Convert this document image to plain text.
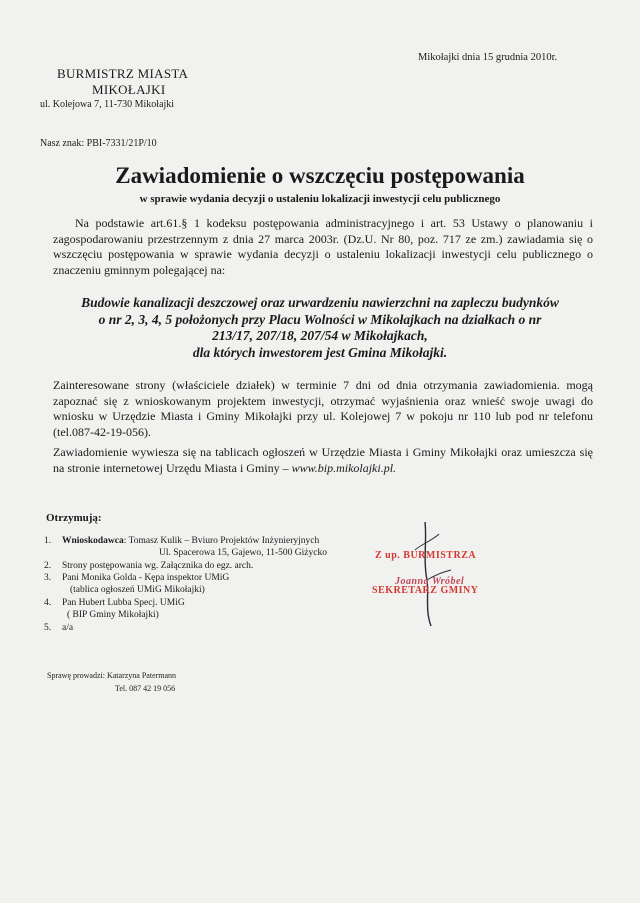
Mikołajki dnia 15 grudnia 2010r.
BURMISTRZ MIASTA
MIKOŁAJKI
ul. Kolejowa 7, 11-730 Mikołajki
Nasz znak: PBI-7331/21P/10
Zawiadomienie o wszczęciu postępowania
w sprawie wydania decyzji o ustaleniu lokalizacji inwestycji celu publicznego
Na podstawie art.61.§ 1 kodeksu postępowania administracyjnego i art. 53 Ustawy o planowaniu i zagospodarowaniu przestrzennym z dnia 27 marca 2003r. (Dz.U. Nr 80, poz. 717 ze zm.) zawiadamia się o wszczęciu postępowania w sprawie wydania decyzji o ustaleniu lokalizacji inwestycji celu publicznego o znaczeniu gminnym polegającej na:
Budowie kanalizacji deszczowej oraz urwardzeniu nawierzchni na zapleczu budynków
o nr 2, 3, 4, 5 położonych przy Placu Wolności w Mikołajkach na działkach o nr
213/17, 207/18, 207/54 w Mikołajkach,
dla których inwestorem jest Gmina Mikołajki.
Zainteresowane strony (właściciele działek) w terminie 7 dni od dnia otrzymania zawiadomienia. mogą zapoznać się z wnioskowanym projektem inwestycji, otrzymać wyjaśnienia oraz wnieść swoje uwagi do wniosku w Urzędzie Miasta i Gminy Mikołajki przy ul. Kolejowej 7 w pokoju nr 110 lub pod nr telefonu (tel.087-42-19-056).
Zawiadomienie wywiesza się na tablicach ogłoszeń w Urzędzie Miasta i Gminy Mikołajki oraz umieszcza się na stronie internetowej Urzędu Miasta i Gminy – www.bip.mikolajki.pl.
Otrzymują:
1. Wnioskodawca: Tomasz Kulik – Bviuro Projektów Inżynieryjnych
Ul. Spacerowa 15, Gajewo, 11-500 Giżycko
2. Strony postępowania wg. Załącznika do egz. arch.
3. Pani Monika Golda - Kępa inspektor UMiG
(tablica ogłoszeń UMiG Mikołajki)
4. Pan Hubert Lubba Specj. UMiG
( BIP Gminy Mikołajki)
5. a/a
Z up. BURMISTRZA
Joanna Wróbel
SEKRETARZ GMINY
Sprawę prowadzi: Katarzyna Patermann
Tel. 087 42 19 056
